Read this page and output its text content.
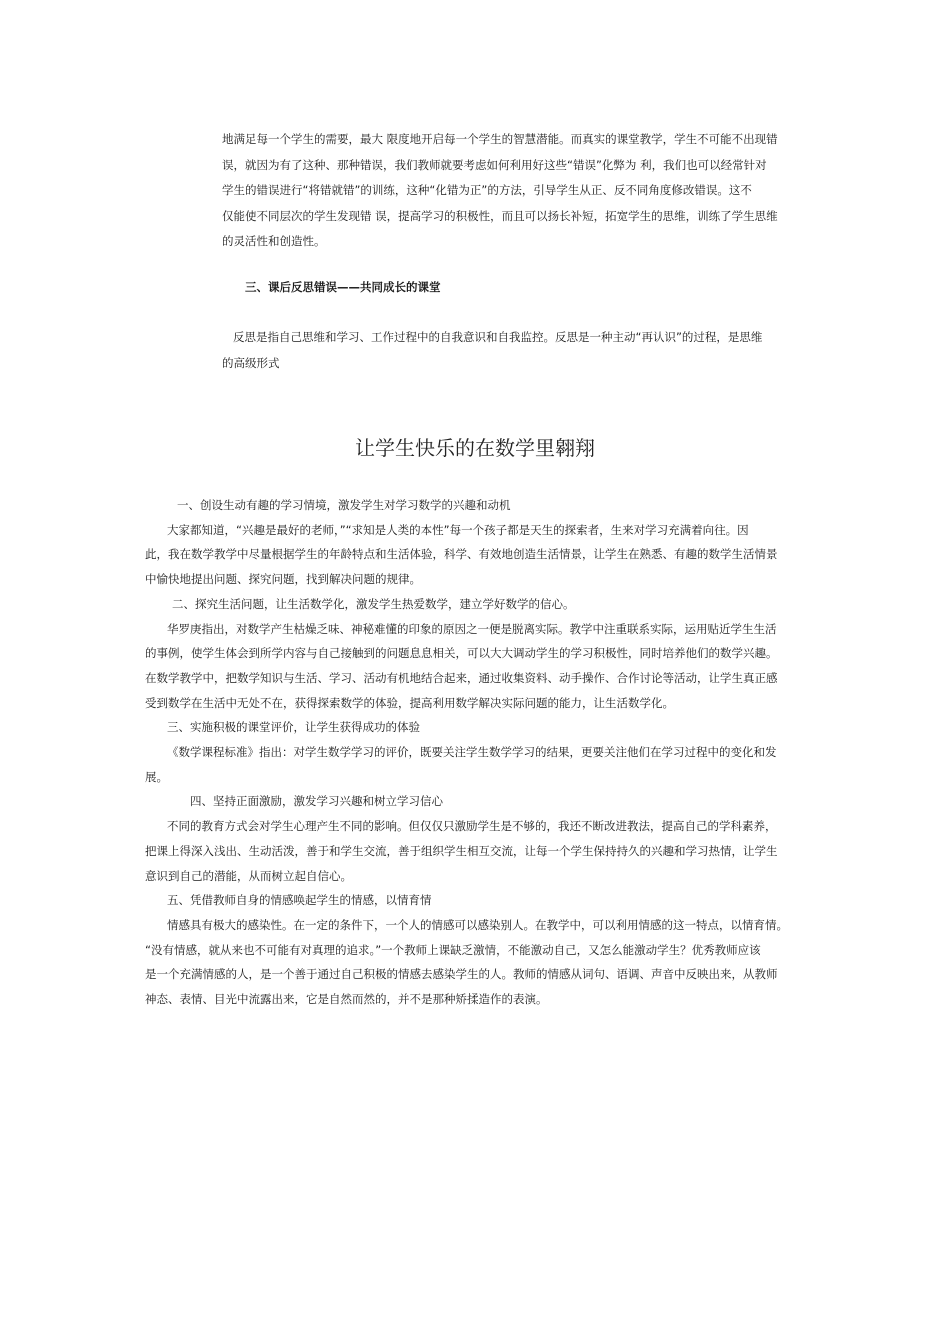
地满足每一个学生的需要，最大 限度地开启每一个学生的智慧潜能。而真实的课堂教学，学生不可能不出现错
误，就因为有了这种、那种错误，我们教师就要考虑如何利用好这些“错误”化弊为 利，我们也可以经常针对
学生的错误进行“将错就错”的训练，这种“化错为正”的方法，引导学生从正、反不同角度修改错误。这不
仅能使不同层次的学生发现错 误，提高学习的积极性，而且可以扬长补短，拓宽学生的思维，训练了学生思维
的灵活性和创造性。
三、课后反思错误——共同成长的课堂
反思是指自己思维和学习、工作过程中的自我意识和自我监控。反思是一种主动“再认识”的过程，是思维
的高级形式
让学生快乐的在数学里翱翔
一、创设生动有趣的学习情境，激发学生对学习数学的兴趣和动机
大家都知道，“兴趣是最好的老师，”“求知是人类的本性”每一个孩子都是天生的探索者，生来对学习充满着向往。因
此，我在数学教学中尽量根据学生的年龄特点和生活体验，科学、有效地创造生活情景，让学生在熟悉、有趣的数学生活情景
中愉快地提出问题、探究问题，找到解决问题的规律。
二、探究生活问题，让生活数学化，激发学生热爱数学，建立学好数学的信心。
华罗庚指出，对数学产生枯燥乏味、神秘难懂的印象的原因之一便是脱离实际。教学中注重联系实际，运用贴近学生生活
的事例，使学生体会到所学内容与自己接触到的问题息息相关，可以大大调动学生的学习积极性，同时培养他们的数学兴趣。
在数学教学中，把数学知识与生活、学习、活动有机地结合起来，通过收集资料、动手操作、合作讨论等活动，让学生真正感
受到数学在生活中无处不在，获得探索数学的体验，提高利用数学解决实际问题的能力，让生活数学化。
三、实施积极的课堂评价，让学生获得成功的体验
《数学课程标准》指出：对学生数学学习的评价，既要关注学生数学学习的结果，更要关注他们在学习过程中的变化和发
展。
四、坚持正面激励，激发学习兴趣和树立学习信心
不同的教育方式会对学生心理产生不同的影响。但仅仅只激励学生是不够的，我还不断改进教法，提高自己的学科素养，
把课上得深入浅出、生动活泼，善于和学生交流，善于组织学生相互交流，让每一个学生保持持久的兴趣和学习热情，让学生
意识到自己的潜能，从而树立起自信心。
五、凭借教师自身的情感唤起学生的情感，以情育情
情感具有极大的感染性。在一定的条件下，一个人的情感可以感染别人。在教学中，可以利用情感的这一特点，以情育情。
“没有情感，就从来也不可能有对真理的追求。”一个教师上课缺乏激情，不能激动自己，又怎么能激动学生？优秀教师应该
是一个充满情感的人，是一个善于通过自己积极的情感去感染学生的人。教师的情感从词句、语调、声音中反映出来，从教师
神态、表情、目光中流露出来，它是自然而然的，并不是那种矫揉造作的表演。
